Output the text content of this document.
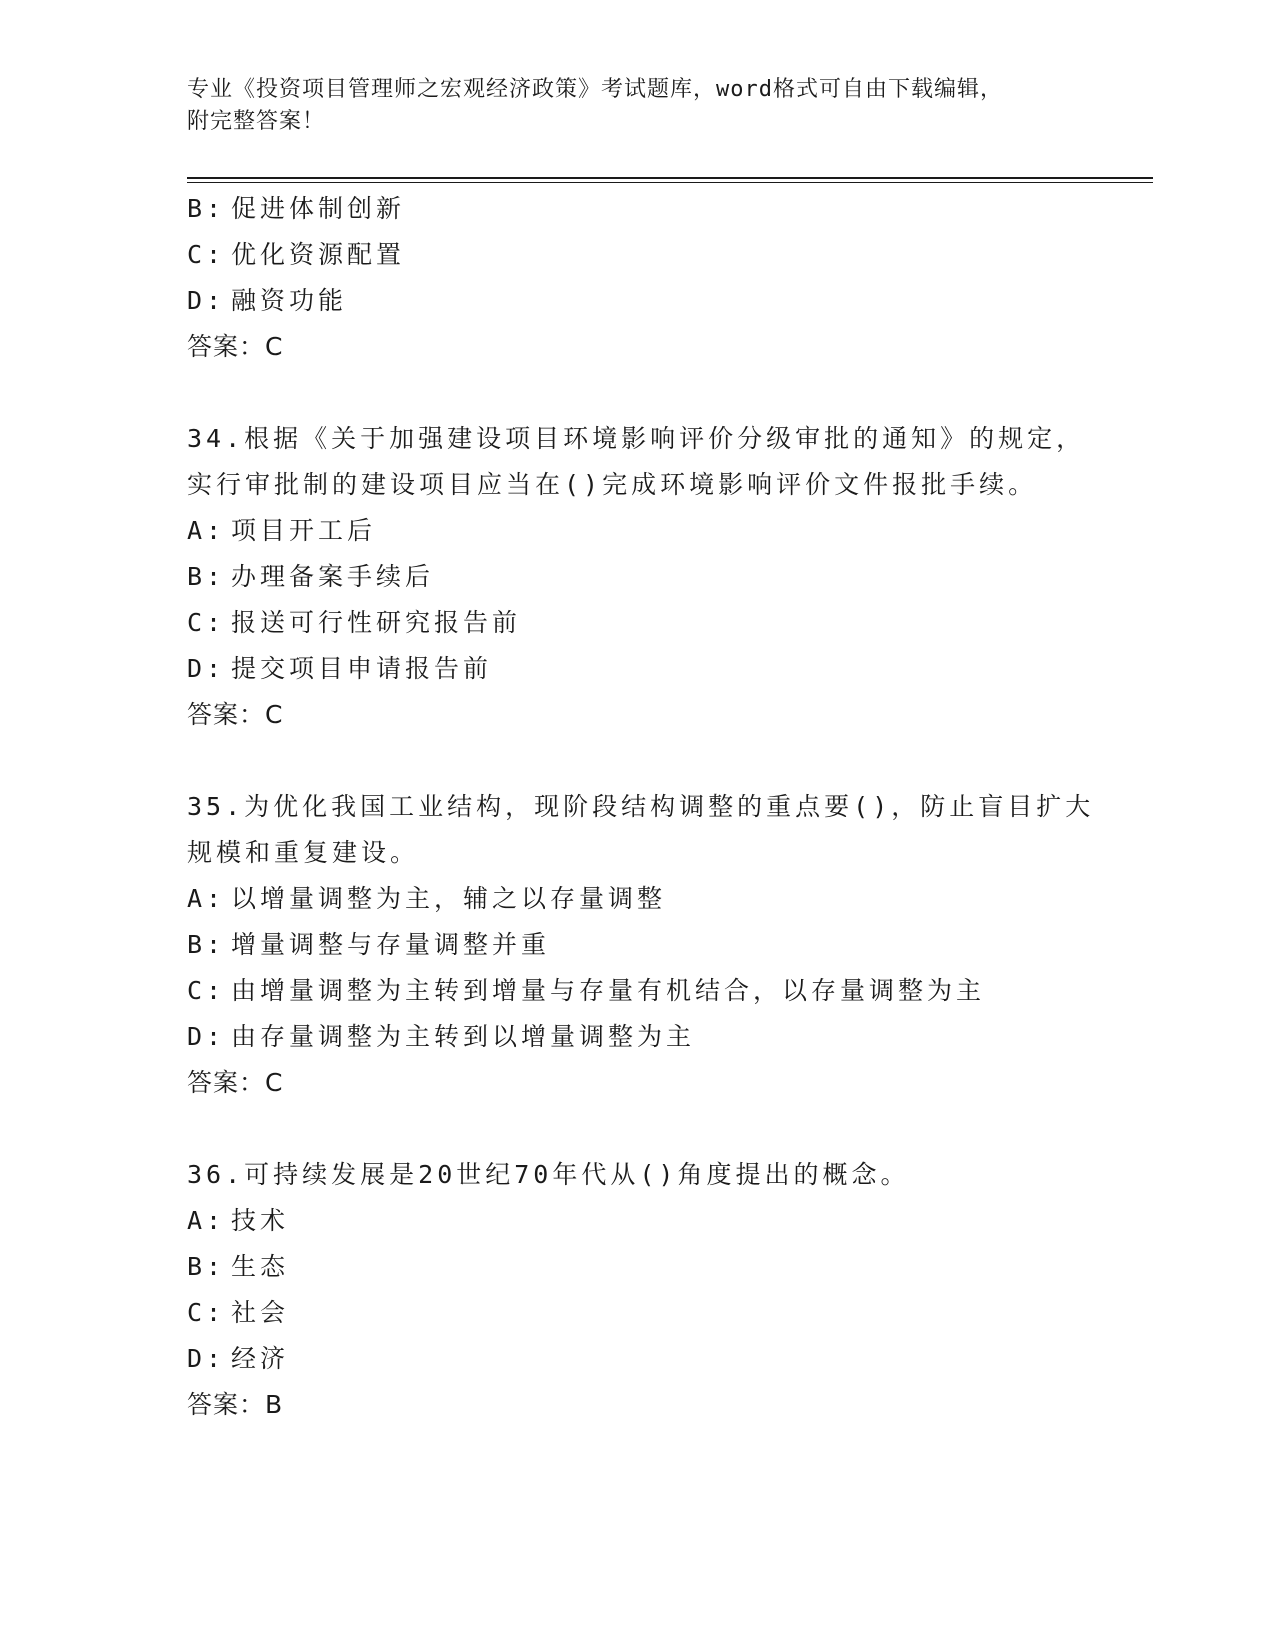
专业《投资项目管理师之宏观经济政策》考试题库，word格式可自由下载编辑，
附完整答案！
B: 促进体制创新
C: 优化资源配置
D: 融资功能
答案：C
34.根据《关于加强建设项目环境影响评价分级审批的通知》的规定，
实行审批制的建设项目应当在()完成环境影响评价文件报批手续。
A: 项目开工后
B: 办理备案手续后
C: 报送可行性研究报告前
D: 提交项目申请报告前
答案：C
35.为优化我国工业结构，现阶段结构调整的重点要()，防止盲目扩大
规模和重复建设。
A: 以增量调整为主，辅之以存量调整
B: 增量调整与存量调整并重
C: 由增量调整为主转到增量与存量有机结合，以存量调整为主
D: 由存量调整为主转到以增量调整为主
答案：C
36.可持续发展是20世纪70年代从()角度提出的概念。
A: 技术
B: 生态
C: 社会
D: 经济
答案：B
